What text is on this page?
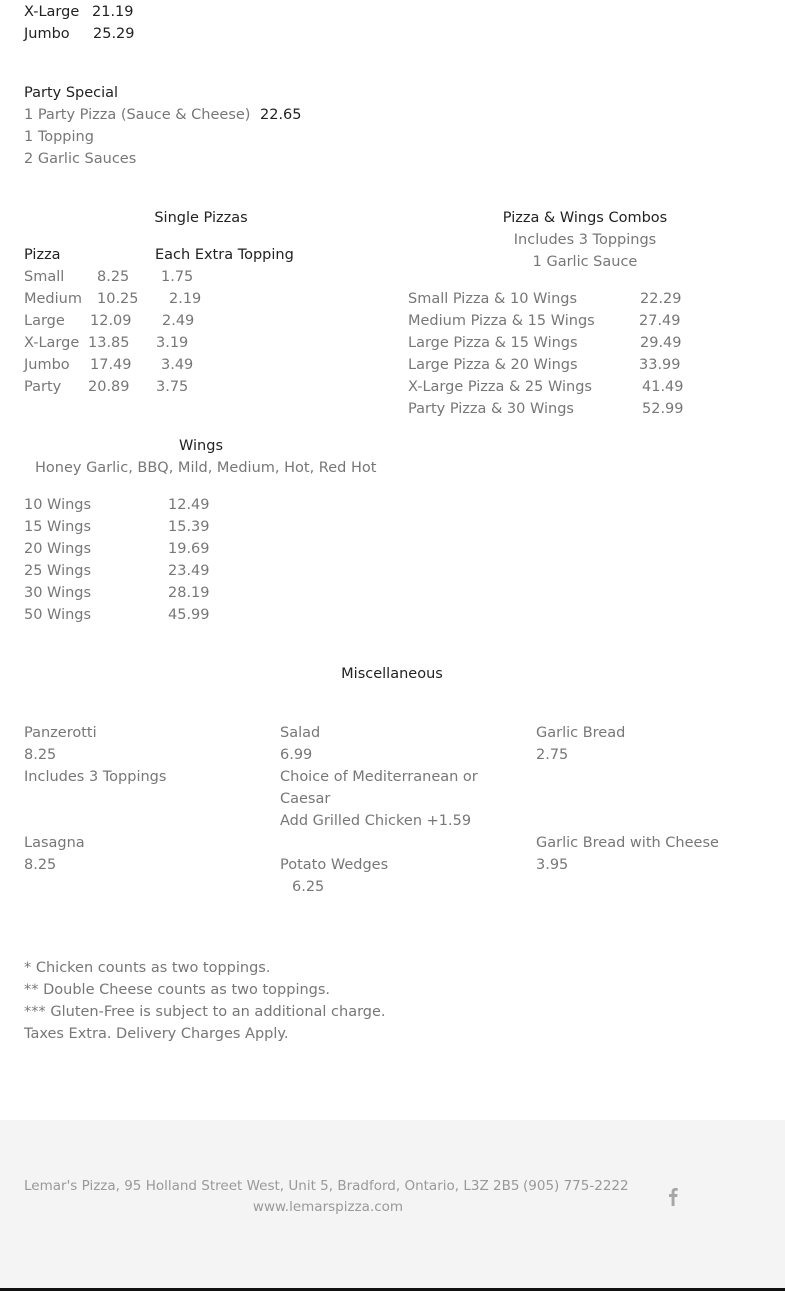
X-Large 21.19
Jumbo 25.29
Party Special
1 Party Pizza (Sauce & Cheese) 22.65
1 Topping
2 Garlic Sauces
Single Pizzas
Pizza	Each Extra Topping
Small 8.25 1.75
Medium 10.25 2.19
Large 12.09 2.49
X-Large 13.85 3.19
Jumbo 17.49 3.49
Party 20.89 3.75
Pizza & Wings Combos
Includes 3 Toppings
1 Garlic Sauce
Small Pizza & 10 Wings	22.29
Medium Pizza & 15 Wings	27.49
Large Pizza & 15 Wings	29.49
Large Pizza & 20 Wings	33.99
X-Large Pizza & 25 Wings	41.49
Party Pizza & 30 Wings	52.99
Wings
Honey Garlic, BBQ, Mild, Medium, Hot, Red Hot
10 Wings	12.49
15 Wings	15.39
20 Wings	19.69
25 Wings	23.49
30 Wings	28.19
50 Wings	45.99
Miscellaneous
Panzerotti
8.25
Includes 3 Toppings
Lasagna
8.25
Salad
6.99
Choice of Mediterranean or
Caesar
Add Grilled Chicken +1.59
Potato Wedges
6.25
Garlic Bread
2.75
Garlic Bread with Cheese
3.95
* Chicken counts as two toppings.
** Double Cheese counts as two toppings.
*** Gluten-Free is subject to an additional charge.
Taxes Extra. Delivery Charges Apply.
Lemar's Pizza, 95 Holland Street West, Unit 5, Bradford, Ontario, L3Z 2B5 (905) 775-2222
www.lemarspizza.com
